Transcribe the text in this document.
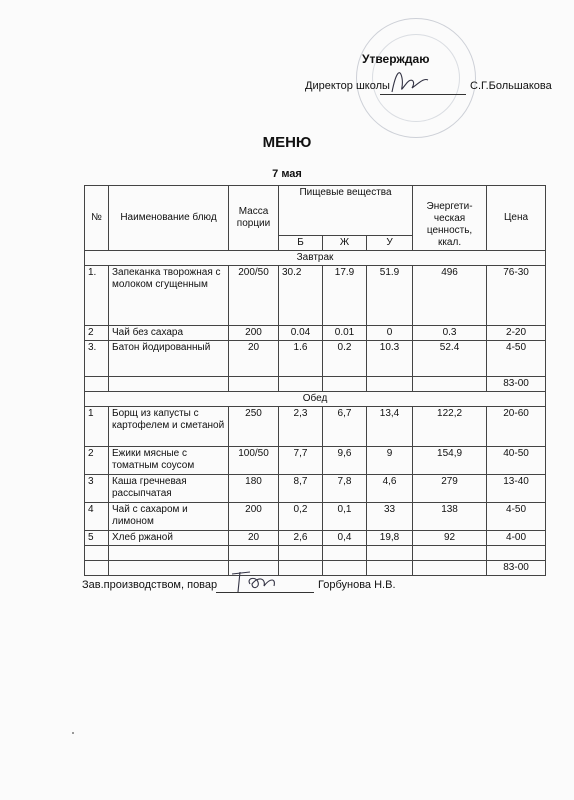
Утверждаю
Директор школы	С.Г.Большакова
МЕНЮ
7 мая
№	Наименование блюд	Масса порции	Пищевые вещества			Энергети-ческая ценность, ккал.	Цена
			Б	Ж	У		
Завтрак							
1.	Запеканка творожная с молоком сгущенным	200/50	30.2	17.9	51.9	496	76-30
2	Чай без сахара	200	0.04	0.01	0	0.3	2-20
3.	Батон йодированный	20	1.6	0.2	10.3	52.4	4-50
							83-00
Обед							
1	Борщ из капусты с картофелем и сметаной	250	2,3	6,7	13,4	122,2	20-60
2	Ежики мясные с томатным соусом	100/50	7,7	9,6	9	154,9	40-50
3	Каша гречневая рассыпчатая	180	8,7	7,8	4,6	279	13-40
4	Чай с сахаром и лимоном	200	0,2	0,1	33	138	4-50
5	Хлеб ржаной	20	2,6	0,4	19,8	92	4-00

							83-00
Зав.производством, повар	Горбунова Н.В.
